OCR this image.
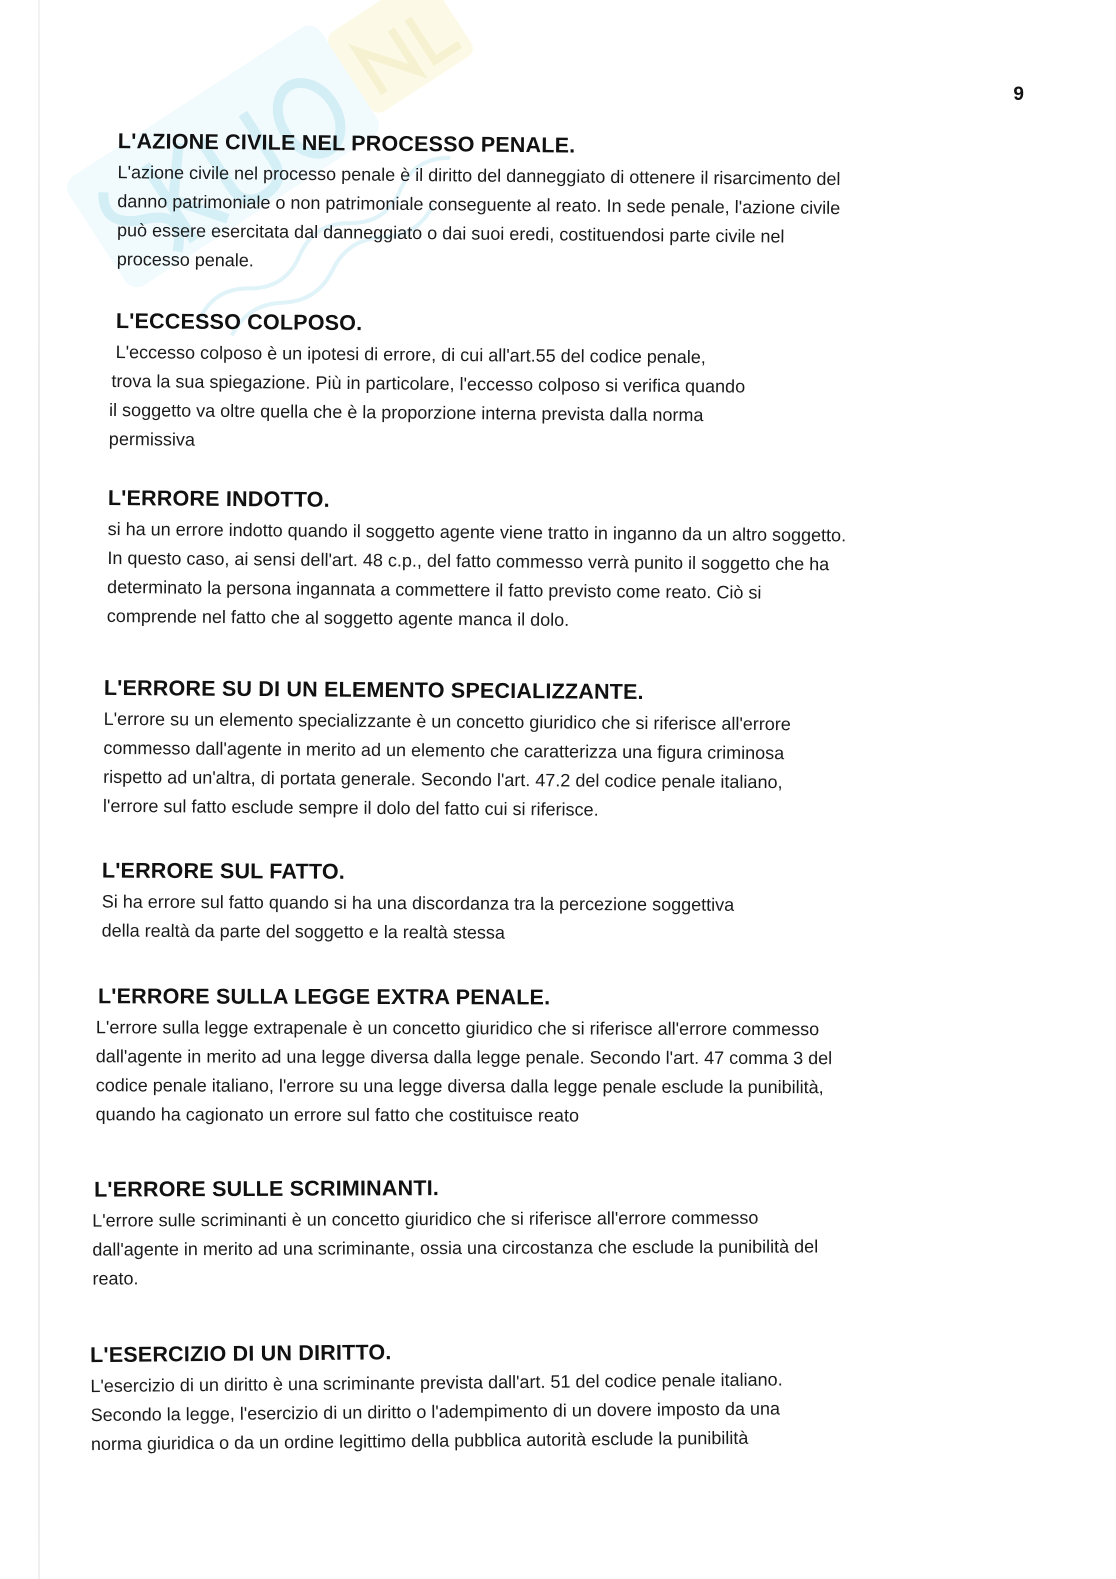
9
L'AZIONE CIVILE NEL PROCESSO PENALE.

L'azione civile nel processo penale è il diritto del danneggiato di ottenere il risarcimento del

danno patrimoniale o non patrimoniale conseguente al reato. In sede penale, l'azione civile

può essere esercitata dal danneggiato o dai suoi eredi, costituendosi parte civile nel

processo penale.

L'ECCESSO COLPOSO.

L'eccesso colposo è un ipotesi di errore, di cui all'art.55 del codice penale,

trova la sua spiegazione. Più in particolare, l'eccesso colposo si verifica quando

il soggetto va oltre quella che è la proporzione interna prevista dalla norma

permissiva

L'ERRORE INDOTTO.

si ha un errore indotto quando il soggetto agente viene tratto in inganno da un altro soggetto.

In questo caso, ai sensi dell'art. 48 c.p., del fatto commesso verrà punito il soggetto che ha

determinato la persona ingannata a commettere il fatto previsto come reato. Ciò si

comprende nel fatto che al soggetto agente manca il dolo.

L'ERRORE SU DI UN ELEMENTO SPECIALIZZANTE.

L'errore su un elemento specializzante è un concetto giuridico che si riferisce all'errore

commesso dall'agente in merito ad un elemento che caratterizza una figura criminosa

rispetto ad un'altra, di portata generale. Secondo l'art. 47.2 del codice penale italiano,

l'errore sul fatto esclude sempre il dolo del fatto cui si riferisce.

L'ERRORE SUL FATTO.

Si ha errore sul fatto quando si ha una discordanza tra la percezione soggettiva

della realtà da parte del soggetto e la realtà stessa

L'ERRORE SULLA LEGGE EXTRA PENALE.

L'errore sulla legge extrapenale è un concetto giuridico che si riferisce all'errore commesso

dall'agente in merito ad una legge diversa dalla legge penale. Secondo l'art. 47 comma 3 del

codice penale italiano, l'errore su una legge diversa dalla legge penale esclude la punibilità,

quando ha cagionato un errore sul fatto che costituisce reato

L'ERRORE SULLE SCRIMINANTI.

L'errore sulle scriminanti è un concetto giuridico che si riferisce all'errore commesso

dall'agente in merito ad una scriminante, ossia una circostanza che esclude la punibilità del

reato.

L'ESERCIZIO DI UN DIRITTO.

L'esercizio di un diritto è una scriminante prevista dall'art. 51 del codice penale italiano.

Secondo la legge, l'esercizio di un diritto o l'adempimento di un dovere imposto da una

norma giuridica o da un ordine legittimo della pubblica autorità esclude la punibilità
